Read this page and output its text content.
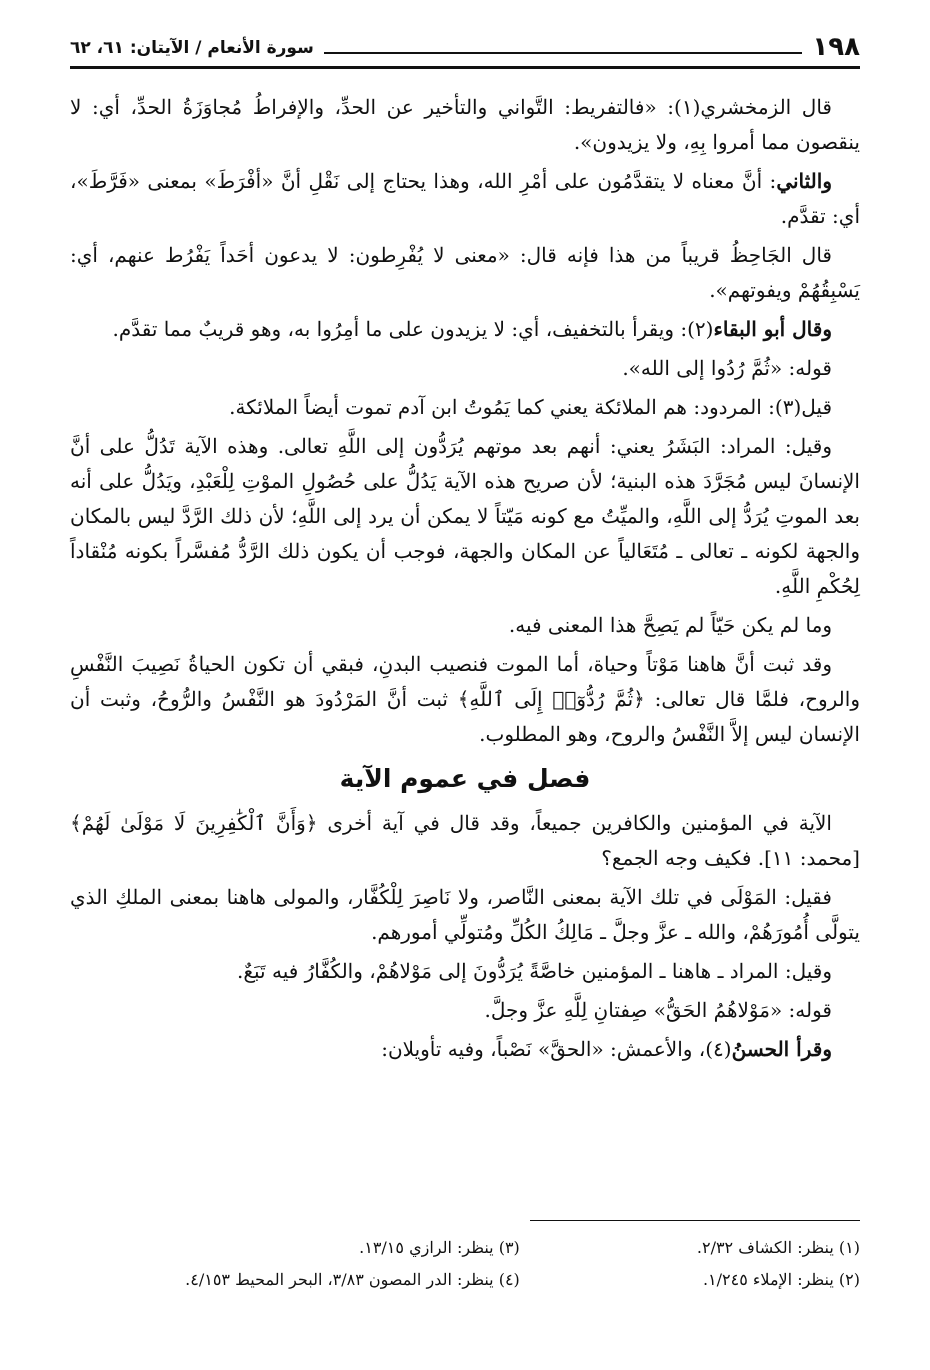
١٩٨
سورة الأنعام / الآيتان: ٦١، ٦٢

قال الزمخشري(١): «فالتفريط: التَّواني والتأخير عن الحدِّ، والإفراطُ مُجاوَزَةُ الحدِّ، أي: لا ينقصون مما أمروا بِهِ، ولا يزيدون».

والثاني: أنَّ معناه لا يتقدَّمُون على أمْرِ الله، وهذا يحتاج إلى نَقْلِ أنَّ «أفْرَطَ» بمعنى «فَرَّطَ»، أي: تقدَّم.

قال الجَاحِظُ قريباً من هذا فإنه قال: «معنى لا يُفْرِطون: لا يدعون أحَداً يَفْرُط عنهم، أي: يَسْبِقُهُمْ ويفوتهم».

وقال أبو البقاء(٢): ويقرأ بالتخفيف، أي: لا يزيدون على ما أمِرُوا به، وهو قريبٌ مما تقدَّم.

قوله: «ثُمَّ رُدُوا إلى الله».

قيل(٣): المردود: هم الملائكة يعني كما يَمُوتُ ابن آدم تموت أيضاً الملائكة.

وقيل: المراد: البَشَرُ يعني: أنهم بعد موتهم يُرَدُّون إلى اللَّهِ تعالى. وهذه الآية تَدُلُّ على أنَّ الإنسانَ ليس مُجَرَّدَ هذه البنية؛ لأن صريح هذه الآية يَدُلُّ على حُصُولِ الموْتِ لِلْعَبْدِ، ويَدُلُّ على أنه بعد الموتِ يُرَدُّ إلى اللَّهِ، والميِّتُ مع كونه مَيّتاً لا يمكن أن يرد إلى اللَّهِ؛ لأن ذلك الرَّدَّ ليس بالمكان والجهة لكونه ـ تعالى ـ مُتَعَالياً عن المكان والجهة، فوجب أن يكون ذلك الرَّدُّ مُفسَّراً بكونه مُنْقاداً لِحُكْمِ اللَّهِ.

وما لم يكن حَيّاً لم يَصِحَّ هذا المعنى فيه.

وقد ثبت أنَّ هاهنا مَوْتاً وحياة، أما الموت فنصيب البدنِ، فبقي أن تكون الحياةُ نَصِيبَ النَّفْسِ والروح، فلمَّا قال تعالى: ﴿ثُمَّ رُدُّوٓا۟ إِلَى ٱللَّهِ﴾ ثبت أنَّ المَرْدُودَ هو النَّفْسُ والرُّوحُ، وثبت أن الإنسان ليس إلاَّ النَّفْسُ والروح، وهو المطلوب.

فصل في عموم الآية

الآية في المؤمنين والكافرين جميعاً، وقد قال في آية أخرى ﴿وَأَنَّ ٱلْكَٰفِرِينَ لَا مَوْلَىٰ لَهُمْ﴾ [محمد: ١١]. فكيف وجه الجمع؟

فقيل: المَوْلَى في تلك الآية بمعنى النَّاصر، ولا نَاصِرَ لِلْكُفَّار، والمولى هاهنا بمعنى الملكِ الذي يتولَّى أُمُورَهُمْ، والله ـ عزَّ وجلَّ ـ مَالِكُ الكُلِّ ومُتولِّي أمورهم.

وقيل: المراد ـ هاهنا ـ المؤمنين خاصَّةً يُرَدُّونَ إلى مَوْلاهُمْ، والكُفَّارُ فيه تَبَعٌ.

قوله: «مَوْلاهُمُ الحَقُّ» صِفتانِ لِلَّهِ عزَّ وجلَّ.

وقرأ الحسنُ(٤)، والأعمش: «الحقَّ» نَصْباً، وفيه تأويلان:

(١) ينظر: الكشاف ٢/٣٢.
(٣) ينظر: الرازي ١٣/١٥.
(٢) ينظر: الإملاء ١/٢٤٥.
(٤) ينظر: الدر المصون ٣/٨٣، البحر المحيط ٤/١٥٣.
